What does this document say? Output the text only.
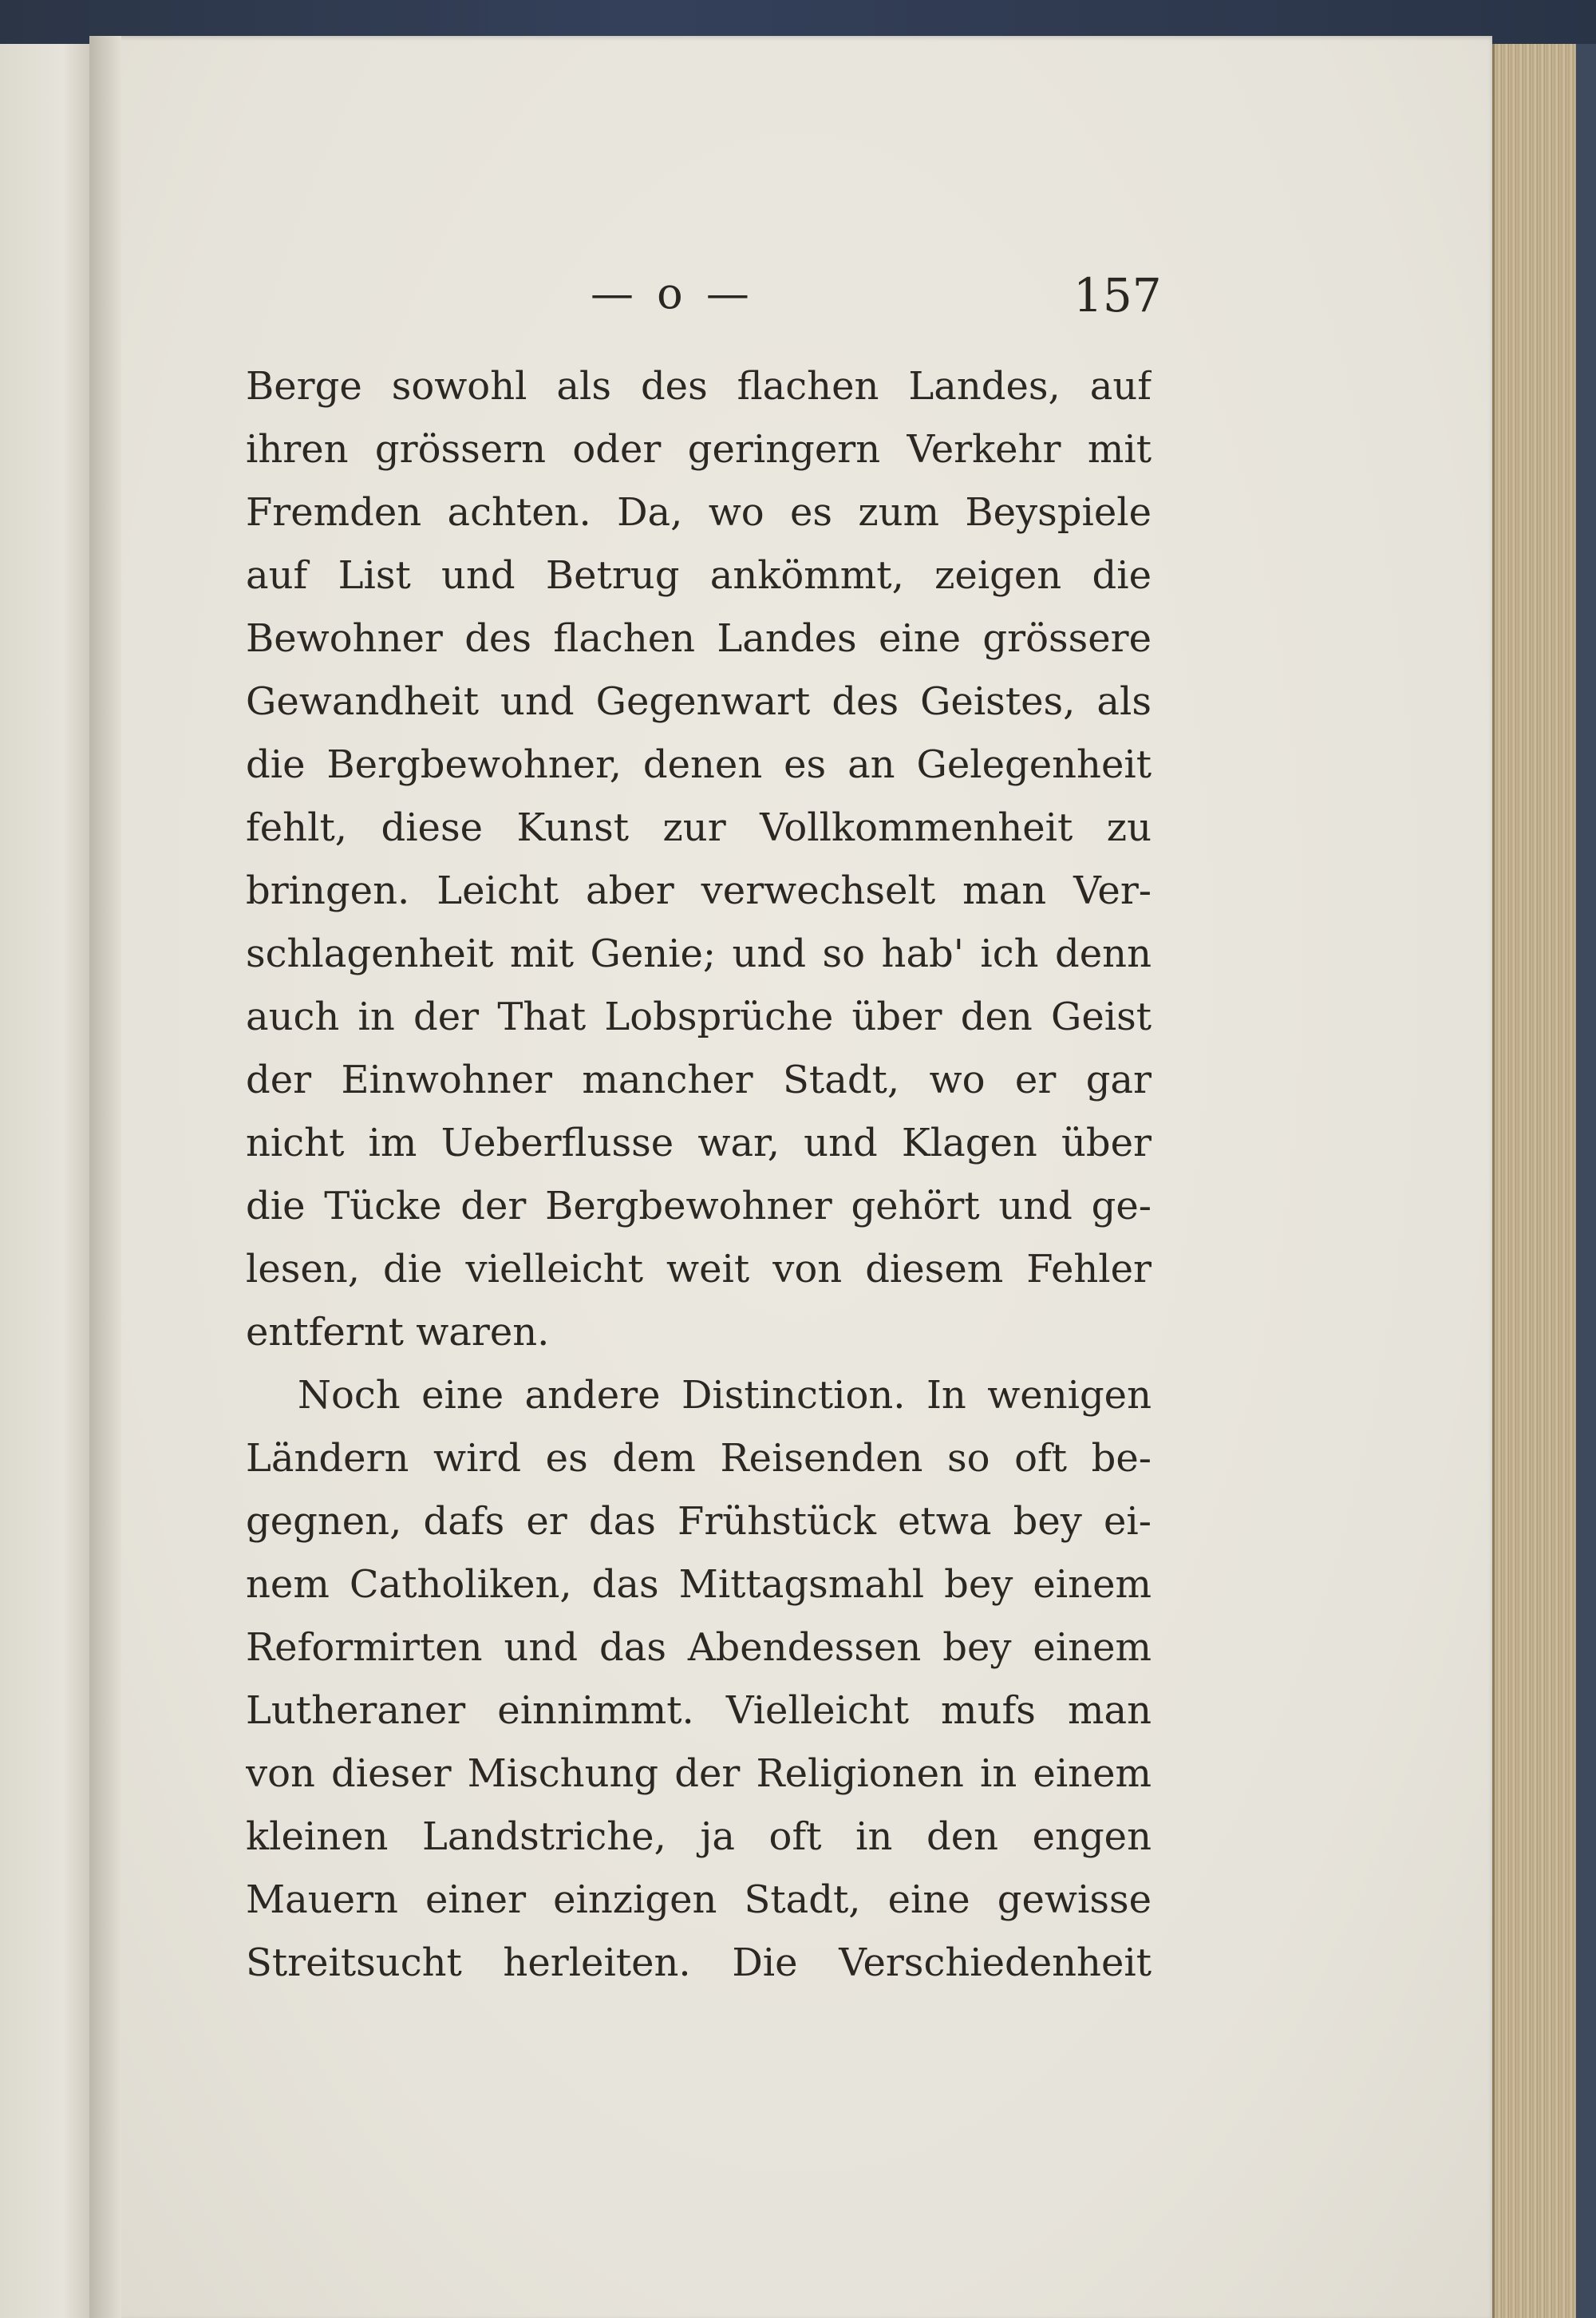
— o —	157
Berge sowohl als des flachen Landes, auf
ihren grössern oder geringern Verkehr mit
Fremden achten. Da, wo es zum Beyspiele
auf List und Betrug ankömmt, zeigen die
Bewohner des flachen Landes eine grössere
Gewandheit und Gegenwart des Geistes, als
die Bergbewohner, denen es an Gelegenheit
fehlt, diese Kunst zur Vollkommenheit zu
bringen. Leicht aber verwechselt man Ver-
schlagenheit mit Genie; und so hab' ich denn
auch in der That Lobsprüche über den Geist
der Einwohner mancher Stadt, wo er gar
nicht im Ueberflusse war, und Klagen über
die Tücke der Bergbewohner gehört und ge-
lesen, die vielleicht weit von diesem Fehler
entfernt waren.
Noch eine andere Distinction. In wenigen
Ländern wird es dem Reisenden so oft be-
gegnen, dafs er das Frühstück etwa bey ei-
nem Catholiken, das Mittagsmahl bey einem
Reformirten und das Abendessen bey einem
Lutheraner einnimmt. Vielleicht mufs man
von dieser Mischung der Religionen in einem
kleinen Landstriche, ja oft in den engen
Mauern einer einzigen Stadt, eine gewisse
Streitsucht herleiten. Die Verschiedenheit
